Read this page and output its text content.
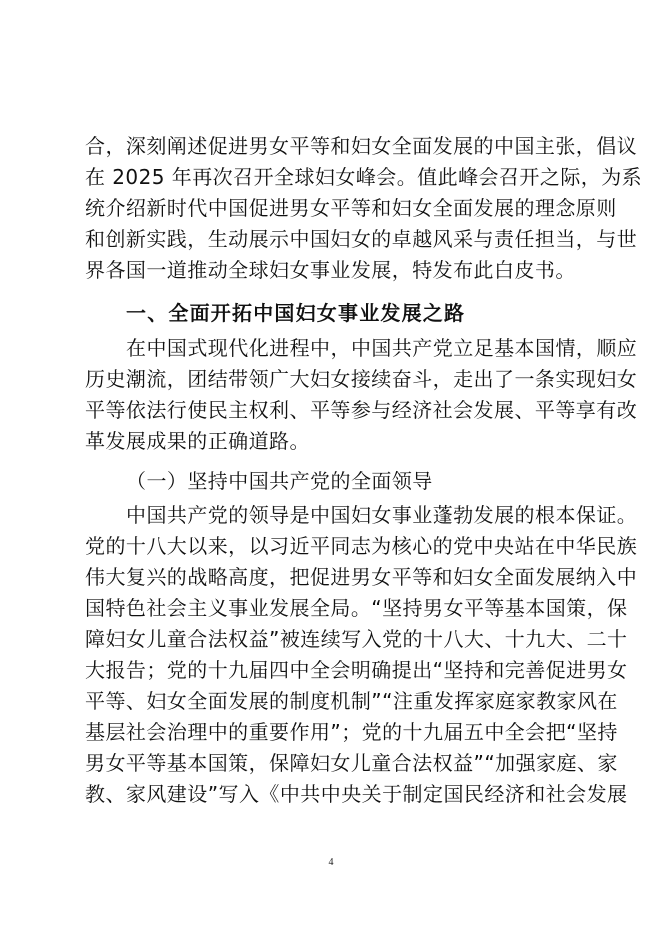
合，深刻阐述促进男女平等和妇女全面发展的中国主张，倡议
在 2025 年再次召开全球妇女峰会。值此峰会召开之际，为系
统介绍新时代中国促进男女平等和妇女全面发展的理念原则
和创新实践，生动展示中国妇女的卓越风采与责任担当，与世
界各国一道推动全球妇女事业发展，特发布此白皮书。
一、全面开拓中国妇女事业发展之路
在中国式现代化进程中，中国共产党立足基本国情，顺应
历史潮流，团结带领广大妇女接续奋斗，走出了一条实现妇女
平等依法行使民主权利、平等参与经济社会发展、平等享有改
革发展成果的正确道路。
（一）坚持中国共产党的全面领导
中国共产党的领导是中国妇女事业蓬勃发展的根本保证。
党的十八大以来，以习近平同志为核心的党中央站在中华民族
伟大复兴的战略高度，把促进男女平等和妇女全面发展纳入中
国特色社会主义事业发展全局。“坚持男女平等基本国策，保
障妇女儿童合法权益”被连续写入党的十八大、十九大、二十
大报告；党的十九届四中全会明确提出“坚持和完善促进男女
平等、妇女全面发展的制度机制”“注重发挥家庭家教家风在
基层社会治理中的重要作用”；党的十九届五中全会把“坚持
男女平等基本国策，保障妇女儿童合法权益”“加强家庭、家
教、家风建设”写入《中共中央关于制定国民经济和社会发展
4
